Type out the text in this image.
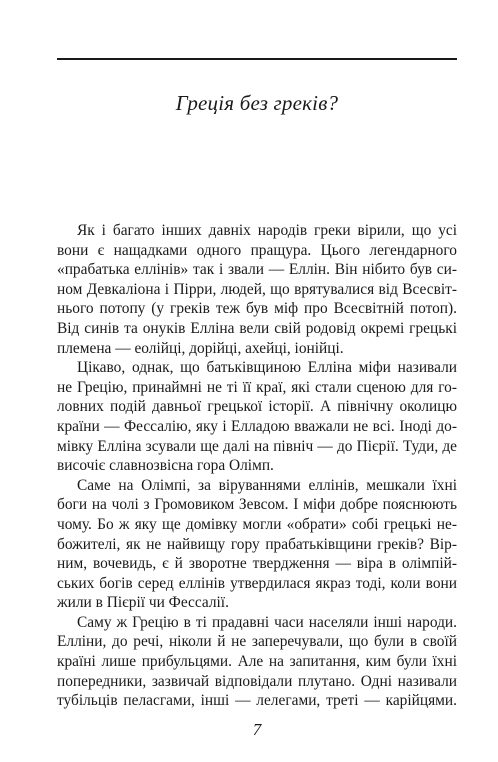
Греція без греків?

Як і багато інших давніх народів греки вірили, що усі
вони є нащадками одного пращура. Цього легендарного
«прабатька еллінів» так і звали — Еллін. Він нібито був си-
ном Девкаліона і Пірри, людей, що врятувалися від Всесвіт-
нього потопу (у греків теж був міф про Всесвітній потоп).
Від синів та онуків Еллінa вели свій родовід окремі грецькі
племена — еолійці, дорійці, ахейці, іонійці.

Цікаво, однак, що батьківщиною Еллінa міфи називали
не Грецію, принаймні не ті її краї, які стали сценою для го-
ловних подій давньої грецької історії. А північну околицю
країни — Фессалію, яку і Елладою вважали не всі. Іноді до-
мівку Еллінa зсували ще далі на північ — до Пієрії. Туди, де
височіє славнозвісна гора Олімп.

Саме на Олімпі, за віруваннями еллінів, мешкали їхні
боги на чолі з Громовиком Зевсом. І міфи добре пояснюють
чому. Бо ж яку ще домівку могли «обрати» собі грецькі не-
божителі, як не найвищу гору прабатьківщини греків? Вір-
ним, вочевидь, є й зворотне твердження — віра в олімпій-
ських богів серед еллінів утвердилася якраз тоді, коли вони
жили в Пієрії чи Фессалії.

Саму ж Грецію в ті прадавні часи населяли інші народи.
Елліни, до речі, ніколи й не заперечували, що були в своїй
країні лише прибульцями. Але на запитання, ким були їхні
попередники, зазвичай відповідали плутано. Одні називали
тубільців пеласгами, інші — лелегами, треті — карійцями.

7
